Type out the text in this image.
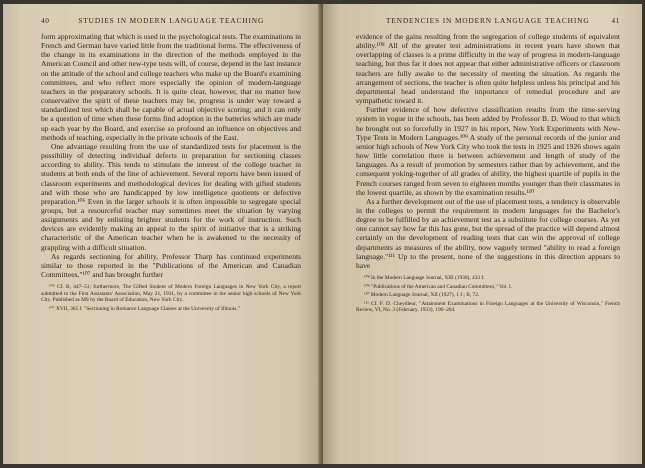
40	STUDIES IN MODERN LANGUAGE TEACHING

form approximating that which is used in the psychological tests. The examinations in French and German have varied little from the traditional forms. The effectiveness of the change in its examinations in the direction of the methods employed in the American Council and other new-type tests will, of course, depend in the last instance on the attitude of the school and college teachers who make up the Board's examining committees, and who reflect more especially the opinion of modern-language teachers in the preparatory schools. It is quite clear, however, that no matter how conservative the spirit of these teachers may be, progress is under way toward a standardized test which shall be capable of actual objective scoring; and it can only be a question of time when these forms find adoption in the batteries which are made up each year by the Board, and exercise so profound an influence on objectives and methods of teaching, especially in the private schools of the East.

One advantage resulting from the use of standardized tests for placement is the possibility of detecting individual defects in preparation for sectioning classes according to ability. This tends to stimulate the interest of the college teacher in students at both ends of the line of achievement. Several reports have been issued of classroom experiments and methodological devices for dealing with gifted students and with those who are handicapped by low intelligence quotients or defective preparation.¹⁰⁶ Even in the larger schools it is often impossible to segregate special groups, but a resourceful teacher may sometimes meet the situation by varying assignments and by enlisting brighter students for the work of instruction. Such devices are evidently making an appeal to the spirit of initiative that is a striking characteristic of the American teacher when he is awakened to the necessity of grappling with a difficult situation.

As regards sectioning for ability, Professor Tharp has continued experiments similar to those reported in the "Publications of the American and Canadian Committees,"¹⁰⁷ and has brought further

¹⁰⁶ Cf. B, 447–51; furthermore, The Gifted Student of Modern Foreign Languages in New York City, a report submitted to the First Assistants' Association, May 21, 1931, by a committee in the senior high schools of New York City. Published as MS by the Board of Education, New York City.

¹⁰⁷ XVII, 365 f. "Sectioning in Romance Language Classes at the University of Illinois."

TENDENCIES IN MODERN LANGUAGE TEACHING	41

evidence of the gains resulting from the segregation of college students of equivalent ability.¹⁰⁸ All of the greater test administrations in recent years have shown that overlapping of classes is a prime difficulty in the way of progress in modern-language teaching, but thus far it does not appear that either administrative officers or classroom teachers are fully awake to the necessity of meeting the situation. As regards the arrangement of sections, the teacher is often quite helpless unless his principal and his departmental head understand the importance of remedial procedure and are sympathetic toward it.

Further evidence of how defective classification results from the time-serving system in vogue in the schools, has been added by Professor B. D. Wood to that which he brought out so forcefully in 1927 in his report, New York Experiments with New-Type Tests in Modern Languages.¹⁰⁹ A study of the personal records of the junior and senior high schools of New York City who took the tests in 1925 and 1926 shows again how little correlation there is between achievement and length of study of the languages. As a result of promotion by semesters rather than by achievement, and the consequent yoking-together of all grades of ability, the highest quartile of pupils in the French courses ranged from seven to eighteen months younger than their classmates in the lowest quartile, as shown by the examination results.¹¹⁰

As a further development out of the use of placement tests, a tendency is observable in the colleges to permit the requirement in modern languages for the Bachelor's degree to be fulfilled by an achievement test as a substitute for college courses. As yet one cannot say how far this has gone, but the spread of the practice will depend almost certainly on the development of reading tests that can win the approval of college departments as measures of the ability, now vaguely termed "ability to read a foreign language."¹¹¹ Up to the present, none of the suggestions in this direction appears to have

¹⁰⁸ In the Modern Language Journal, XIII (1930), 433 f.

¹⁰⁹ "Publications of the American and Canadian Committees," Vol. I.

¹¹⁰ Modern Language Journal, XII (1927), 1 f.; B, 72.

¹¹¹ Cf. F. D. Cheydleur, "Attainment Examinations in Foreign Languages at the University of Wisconsin," French Review, VI, No. 3 (February, 1933), 190–204.
